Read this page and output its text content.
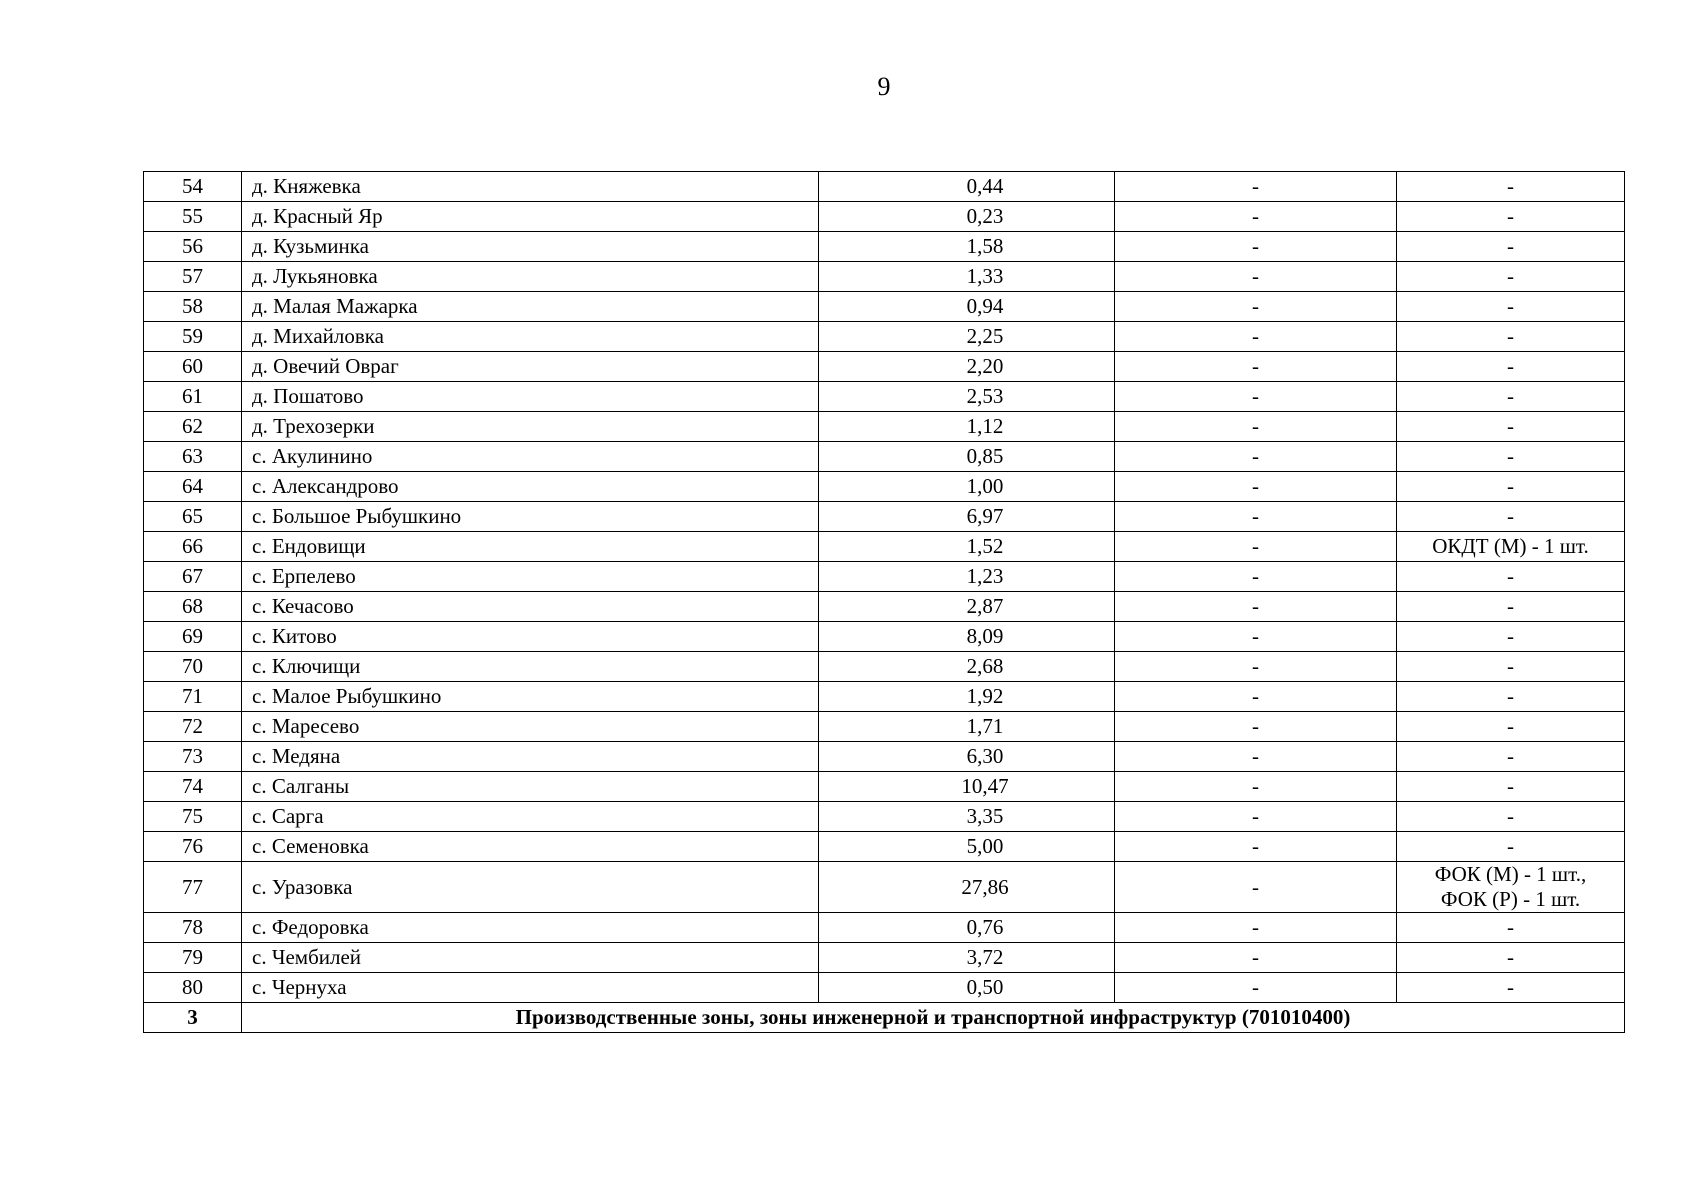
9
54	д. Княжевка	0,44	-	-
55	д. Красный Яр	0,23	-	-
56	д. Кузьминка	1,58	-	-
57	д. Лукьяновка	1,33	-	-
58	д. Малая Мажарка	0,94	-	-
59	д. Михайловка	2,25	-	-
60	д. Овечий Овраг	2,20	-	-
61	д. Пошатово	2,53	-	-
62	д. Трехозерки	1,12	-	-
63	с. Акулинино	0,85	-	-
64	с. Александрово	1,00	-	-
65	с. Большое Рыбушкино	6,97	-	-
66	с. Ендовищи	1,52	-	ОКДТ (М) - 1 шт.
67	с. Ерпелево	1,23	-	-
68	с. Кечасово	2,87	-	-
69	с. Китово	8,09	-	-
70	с. Ключищи	2,68	-	-
71	с. Малое Рыбушкино	1,92	-	-
72	с. Маресево	1,71	-	-
73	с. Медяна	6,30	-	-
74	с. Салганы	10,47	-	-
75	с. Сарга	3,35	-	-
76	с. Семеновка	5,00	-	-
77	с. Уразовка	27,86	-	ФОК (М) - 1 шт.,
ФОК (Р) - 1 шт.

78	с. Федоровка	0,76	-	-
79	с. Чембилей	3,72	-	-
80	с. Чернуха	0,50	-	-
3	Производственные зоны, зоны инженерной и транспортной инфраструктур (701010400)			
